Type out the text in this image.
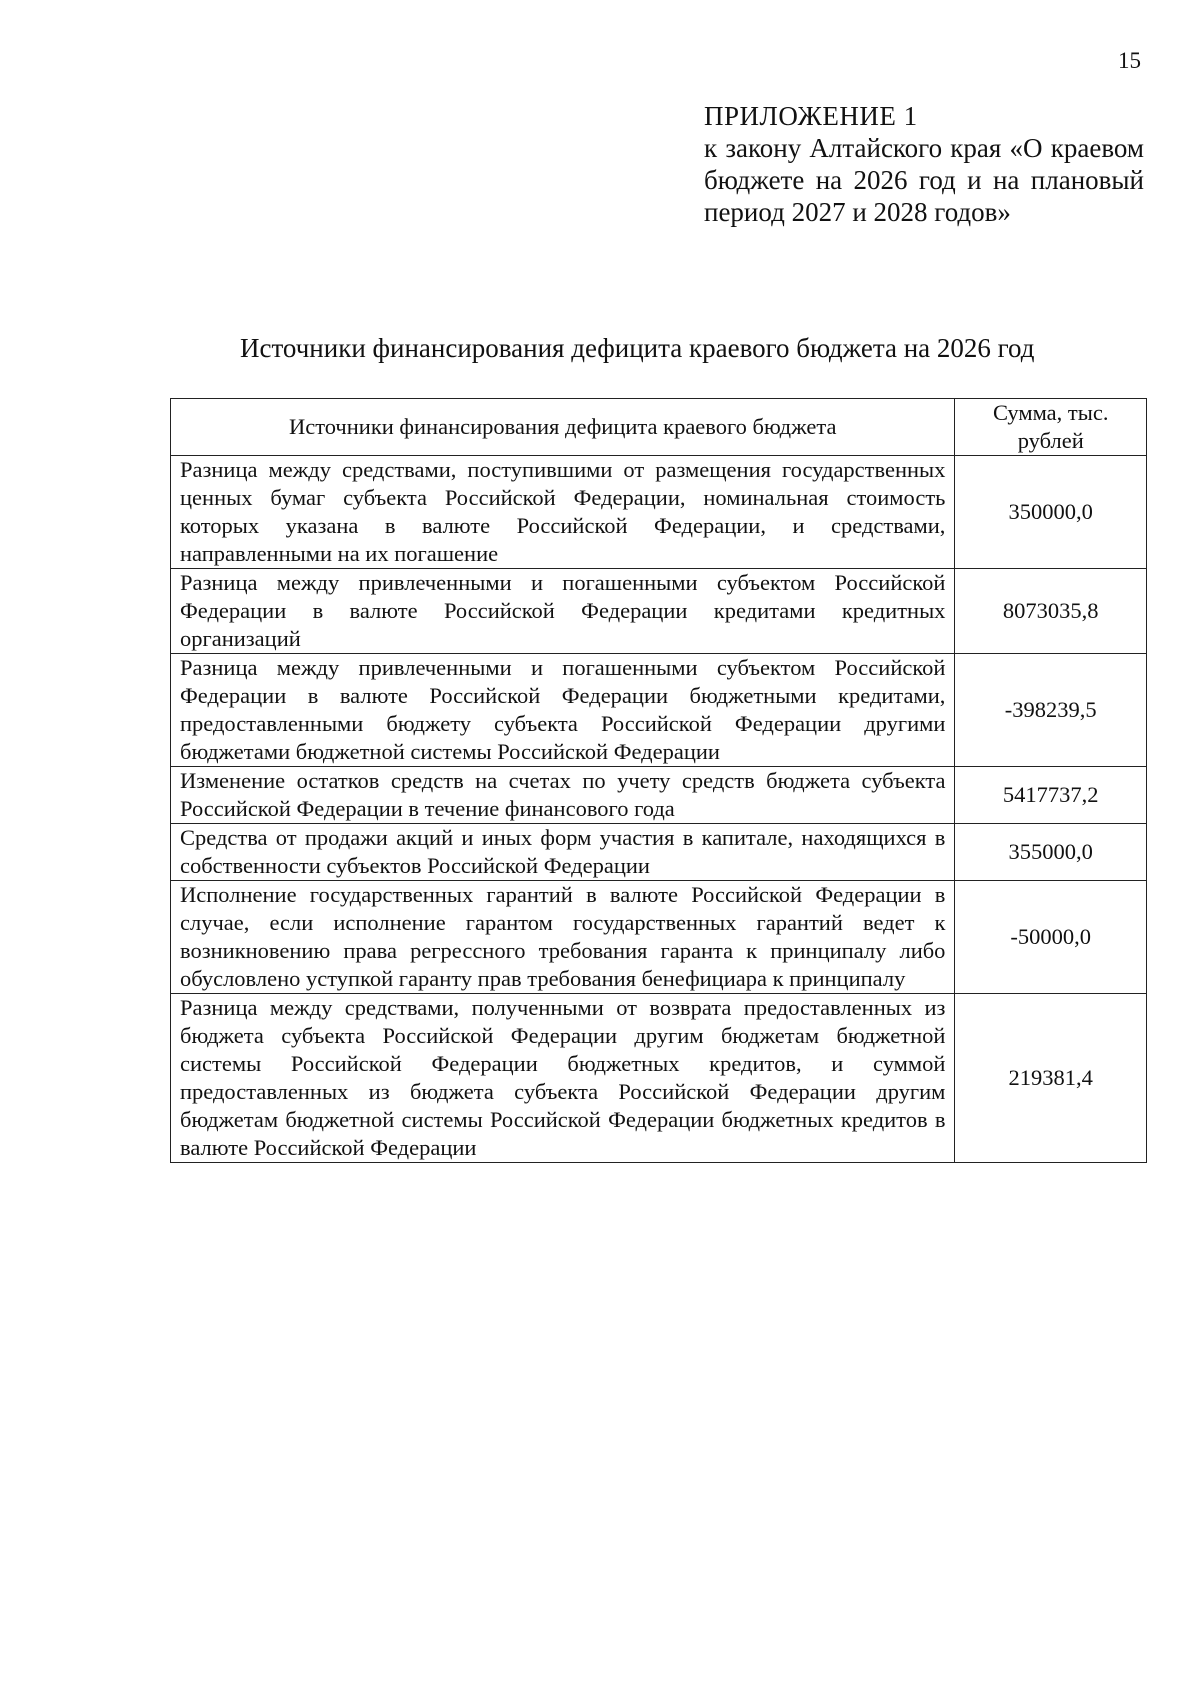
15
ПРИЛОЖЕНИЕ 1
к закону Алтайского края «О краевом бюджете на 2026 год и на плановый период 2027 и 2028 годов»
Источники финансирования дефицита краевого бюджета на 2026 год
Источники финансирования дефицита краевого бюджета	Сумма, тыс. рублей
Разница между средствами, поступившими от размещения государственных ценных бумаг субъекта Российской Федерации, номинальная стоимость которых указана в валюте Российской Федерации, и средствами, направленными на их погашение	350000,0
Разница между привлеченными и погашенными субъектом Российской Федерации в валюте Российской Федерации кредитами кредитных организаций	8073035,8
Разница между привлеченными и погашенными субъектом Российской Федерации в валюте Российской Федерации бюджетными кредитами, предоставленными бюджету субъекта Российской Федерации другими бюджетами бюджетной системы Российской Федерации	-398239,5
Изменение остатков средств на счетах по учету средств бюджета субъекта Российской Федерации в течение финансового года	5417737,2
Средства от продажи акций и иных форм участия в капитале, находящихся в собственности субъектов Российской Федерации	355000,0
Исполнение государственных гарантий в валюте Российской Федерации в случае, если исполнение гарантом государственных гарантий ведет к возникновению права регрессного требования гаранта к принципалу либо обусловлено уступкой гаранту прав требования бенефициара к принципалу	-50000,0
Разница между средствами, полученными от возврата предоставленных из бюджета субъекта Российской Федерации другим бюджетам бюджетной системы Российской Федерации бюджетных кредитов, и суммой предоставленных из бюджета субъекта Российской Федерации другим бюджетам бюджетной системы Российской Федерации бюджетных кредитов в валюте Российской Федерации	219381,4
